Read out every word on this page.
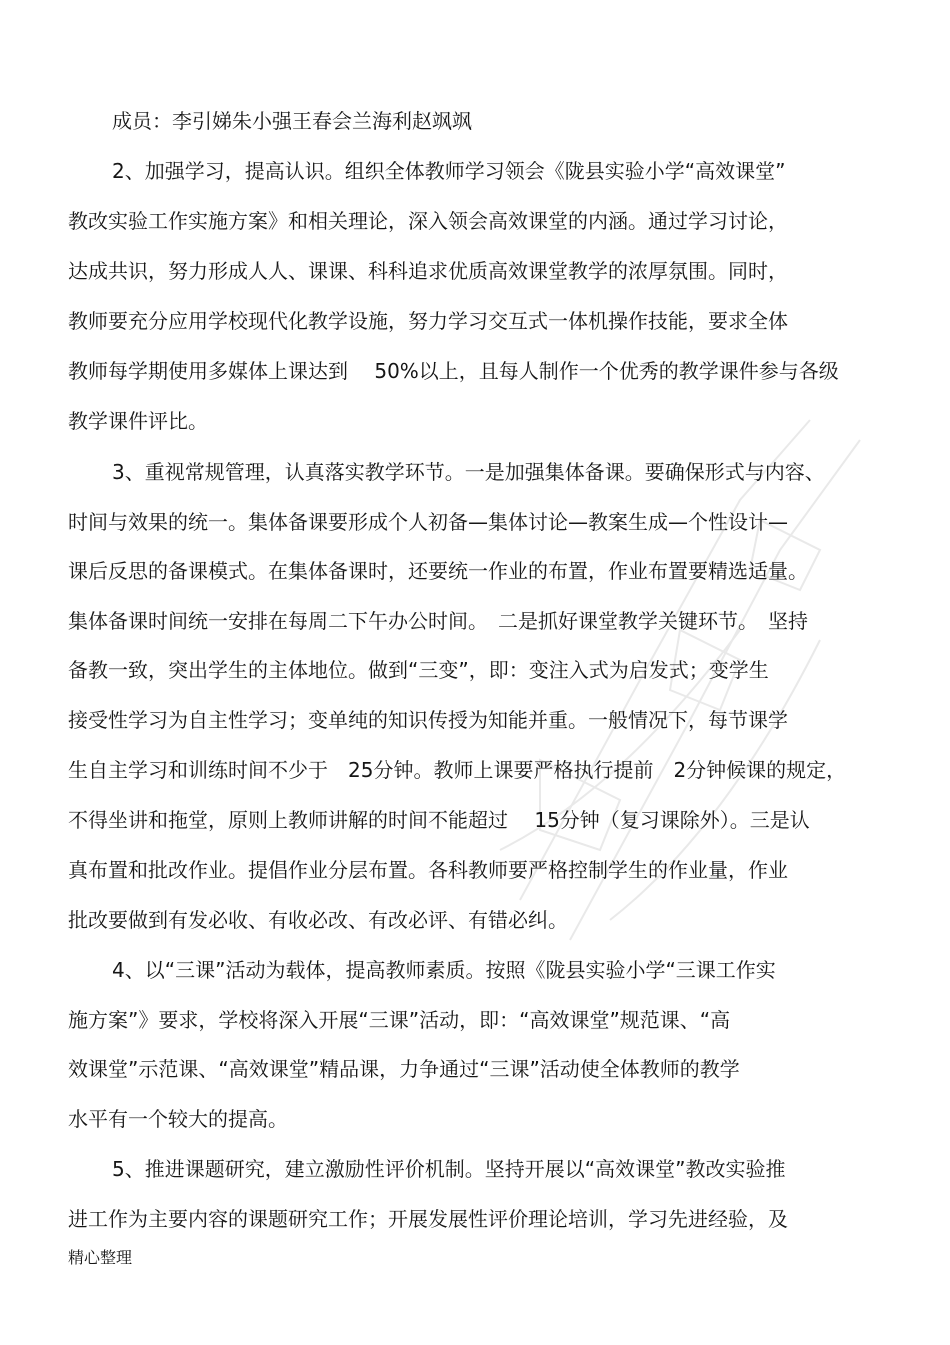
成员：李引娣朱小强王春会兰海利赵飒飒
2、加强学习，提高认识。组织全体教师学习领会《陇县实验小学“高效课堂”
教改实验工作实施方案》和相关理论，深入领会高效课堂的内涵。通过学习讨论，
达成共识，努力形成人人、课课、科科追求优质高效课堂教学的浓厚氛围。同时，
教师要充分应用学校现代化教学设施，努力学习交互式一体机操作技能，要求全体
教师每学期使用多媒体上课达到　 50%以上，且每人制作一个优秀的教学课件参与各级
教学课件评比。
3、重视常规管理，认真落实教学环节。一是加强集体备课。要确保形式与内容、
时间与效果的统一。集体备课要形成个人初备—集体讨论—教案生成—个性设计—
课后反思的备课模式。在集体备课时，还要统一作业的布置，作业布置要精选适量。
集体备课时间统一安排在每周二下午办公时间。　二是抓好课堂教学关键环节。　坚持
备教一致，突出学生的主体地位。做到“三变”，即：变注入式为启发式；变学生
接受性学习为自主性学习；变单纯的知识传授为知能并重。一般情况下，每节课学
生自主学习和训练时间不少于　25分钟。教师上课要严格执行提前　2分钟候课的规定，
不得坐讲和拖堂，原则上教师讲解的时间不能超过　 15分钟（复习课除外）。三是认
真布置和批改作业。提倡作业分层布置。各科教师要严格控制学生的作业量，作业
批改要做到有发必收、有收必改、有改必评、有错必纠。
4、以“三课”活动为载体，提高教师素质。按照《陇县实验小学“三课工作实
施方案”》要求，学校将深入开展“三课”活动，即：“高效课堂”规范课、“高
效课堂”示范课、“高效课堂”精品课，力争通过“三课”活动使全体教师的教学
水平有一个较大的提高。
5、推进课题研究，建立激励性评价机制。坚持开展以“高效课堂”教改实验推
进工作为主要内容的课题研究工作；开展发展性评价理论培训，学习先进经验，及
精心整理
